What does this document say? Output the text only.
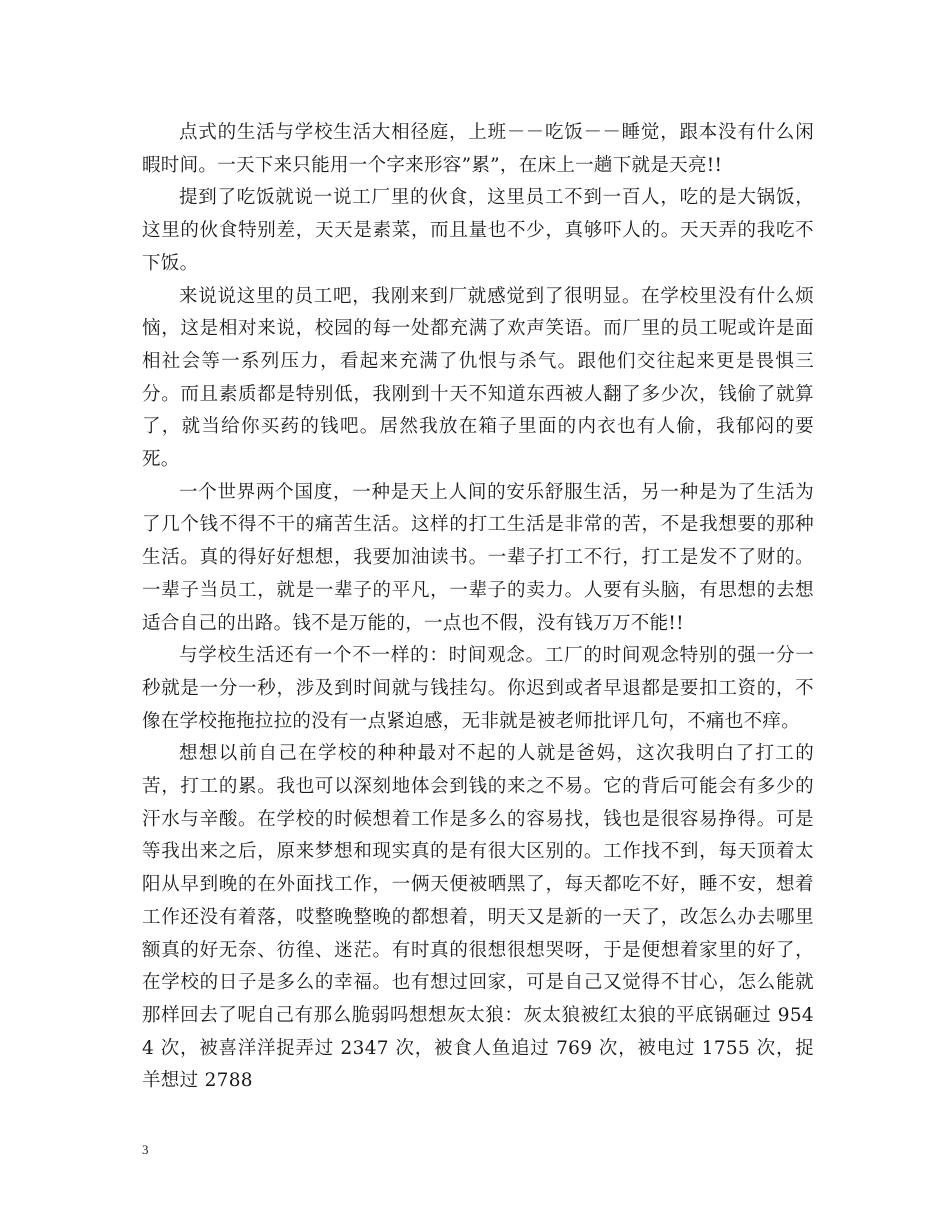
点式的生活与学校生活大相径庭，上班－－吃饭－－睡觉，跟本没有什么闲暇时间。一天下来只能用一个字来形容”累”，在床上一趟下就是天亮!!

提到了吃饭就说一说工厂里的伙食，这里员工不到一百人，吃的是大锅饭，这里的伙食特别差，天天是素菜，而且量也不少，真够吓人的。天天弄的我吃不下饭。

来说说这里的员工吧，我刚来到厂就感觉到了很明显。在学校里没有什么烦恼，这是相对来说，校园的每一处都充满了欢声笑语。而厂里的员工呢或许是面相社会等一系列压力，看起来充满了仇恨与杀气。跟他们交往起来更是畏惧三分。而且素质都是特别低，我刚到十天不知道东西被人翻了多少次，钱偷了就算了，就当给你买药的钱吧。居然我放在箱子里面的内衣也有人偷，我郁闷的要死。

一个世界两个国度，一种是天上人间的安乐舒服生活，另一种是为了生活为了几个钱不得不干的痛苦生活。这样的打工生活是非常的苦，不是我想要的那种生活。真的得好好想想，我要加油读书。一辈子打工不行，打工是发不了财的。一辈子当员工，就是一辈子的平凡，一辈子的卖力。人要有头脑，有思想的去想适合自己的出路。钱不是万能的，一点也不假，没有钱万万不能!!

与学校生活还有一个不一样的：时间观念。工厂的时间观念特别的强一分一秒就是一分一秒，涉及到时间就与钱挂勾。你迟到或者早退都是要扣工资的，不像在学校拖拖拉拉的没有一点紧迫感，无非就是被老师批评几句，不痛也不痒。

想想以前自己在学校的种种最对不起的人就是爸妈，这次我明白了打工的苦，打工的累。我也可以深刻地体会到钱的来之不易。它的背后可能会有多少的汗水与辛酸。在学校的时候想着工作是多么的容易找，钱也是很容易挣得。可是等我出来之后，原来梦想和现实真的是有很大区别的。工作找不到，每天顶着太阳从早到晚的在外面找工作，一俩天便被晒黑了，每天都吃不好，睡不安，想着工作还没有着落，哎整晚整晚的都想着，明天又是新的一天了，改怎么办去哪里额真的好无奈、彷徨、迷茫。有时真的很想很想哭呀，于是便想着家里的好了，在学校的日子是多么的幸福。也有想过回家，可是自己又觉得不甘心，怎么能就那样回去了呢自己有那么脆弱吗想想灰太狼：灰太狼被红太狼的平底锅砸过 9544 次，被喜洋洋捉弄过 2347 次，被食人鱼追过 769 次，被电过 1755 次，捉羊想过 2788

3
